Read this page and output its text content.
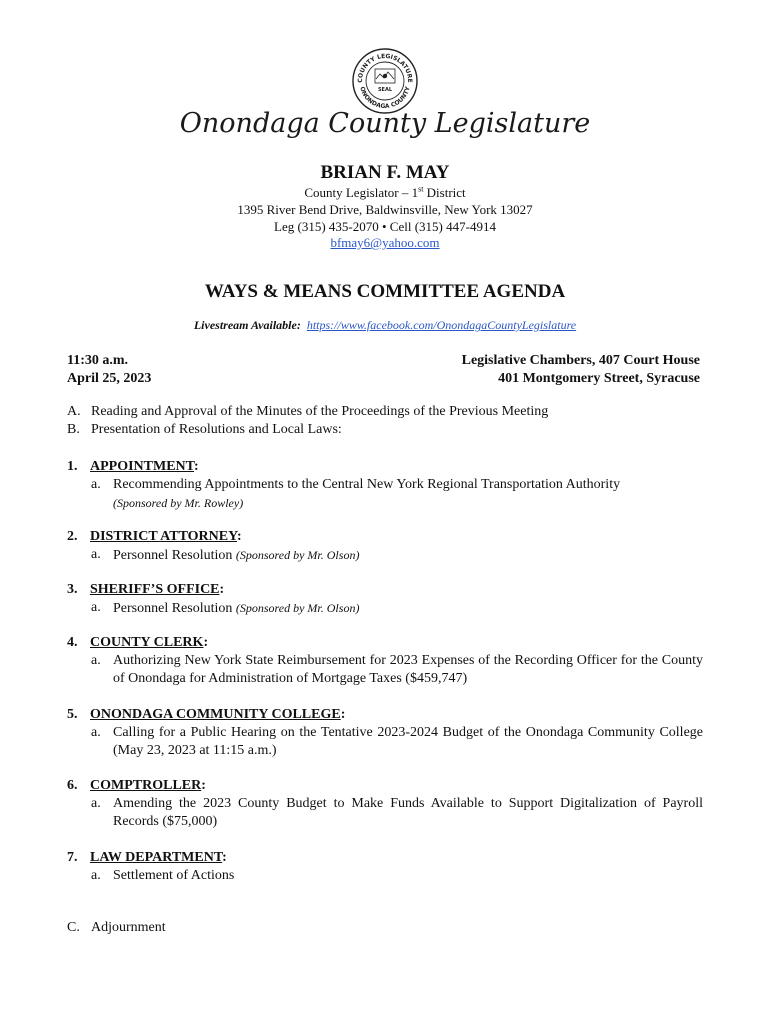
COUNTY LEGISLATURE
ONONDAGA COUNTY
SEAL
Onondaga County Legislature
BRIAN F. MAY
County Legislator – 1st District
1395 River Bend Drive, Baldwinsville, New York 13027
Leg (315) 435-2070 • Cell (315) 447-4914
bfmay6@yahoo.com
WAYS & MEANS COMMITTEE AGENDA
Livestream Available: https://www.facebook.com/OnondagaCountyLegislature
11:30 a.m.
April 25, 2023
Legislative Chambers, 407 Court House
401 Montgomery Street, Syracuse
A. Reading and Approval of the Minutes of the Proceedings of the Previous Meeting
B. Presentation of Resolutions and Local Laws:
1. APPOINTMENT:
a. Recommending Appointments to the Central New York Regional Transportation Authority
(Sponsored by Mr. Rowley)
2. DISTRICT ATTORNEY:
a. Personnel Resolution (Sponsored by Mr. Olson)
3. SHERIFF’S OFFICE:
a. Personnel Resolution (Sponsored by Mr. Olson)
4. COUNTY CLERK:
a. Authorizing New York State Reimbursement for 2023 Expenses of the Recording Officer for the County of Onondaga for Administration of Mortgage Taxes ($459,747)
5. ONONDAGA COMMUNITY COLLEGE:
a. Calling for a Public Hearing on the Tentative 2023-2024 Budget of the Onondaga Community College (May 23, 2023 at 11:15 a.m.)
6. COMPTROLLER:
a. Amending the 2023 County Budget to Make Funds Available to Support Digitalization of Payroll Records ($75,000)
7. LAW DEPARTMENT:
a. Settlement of Actions
C. Adjournment
